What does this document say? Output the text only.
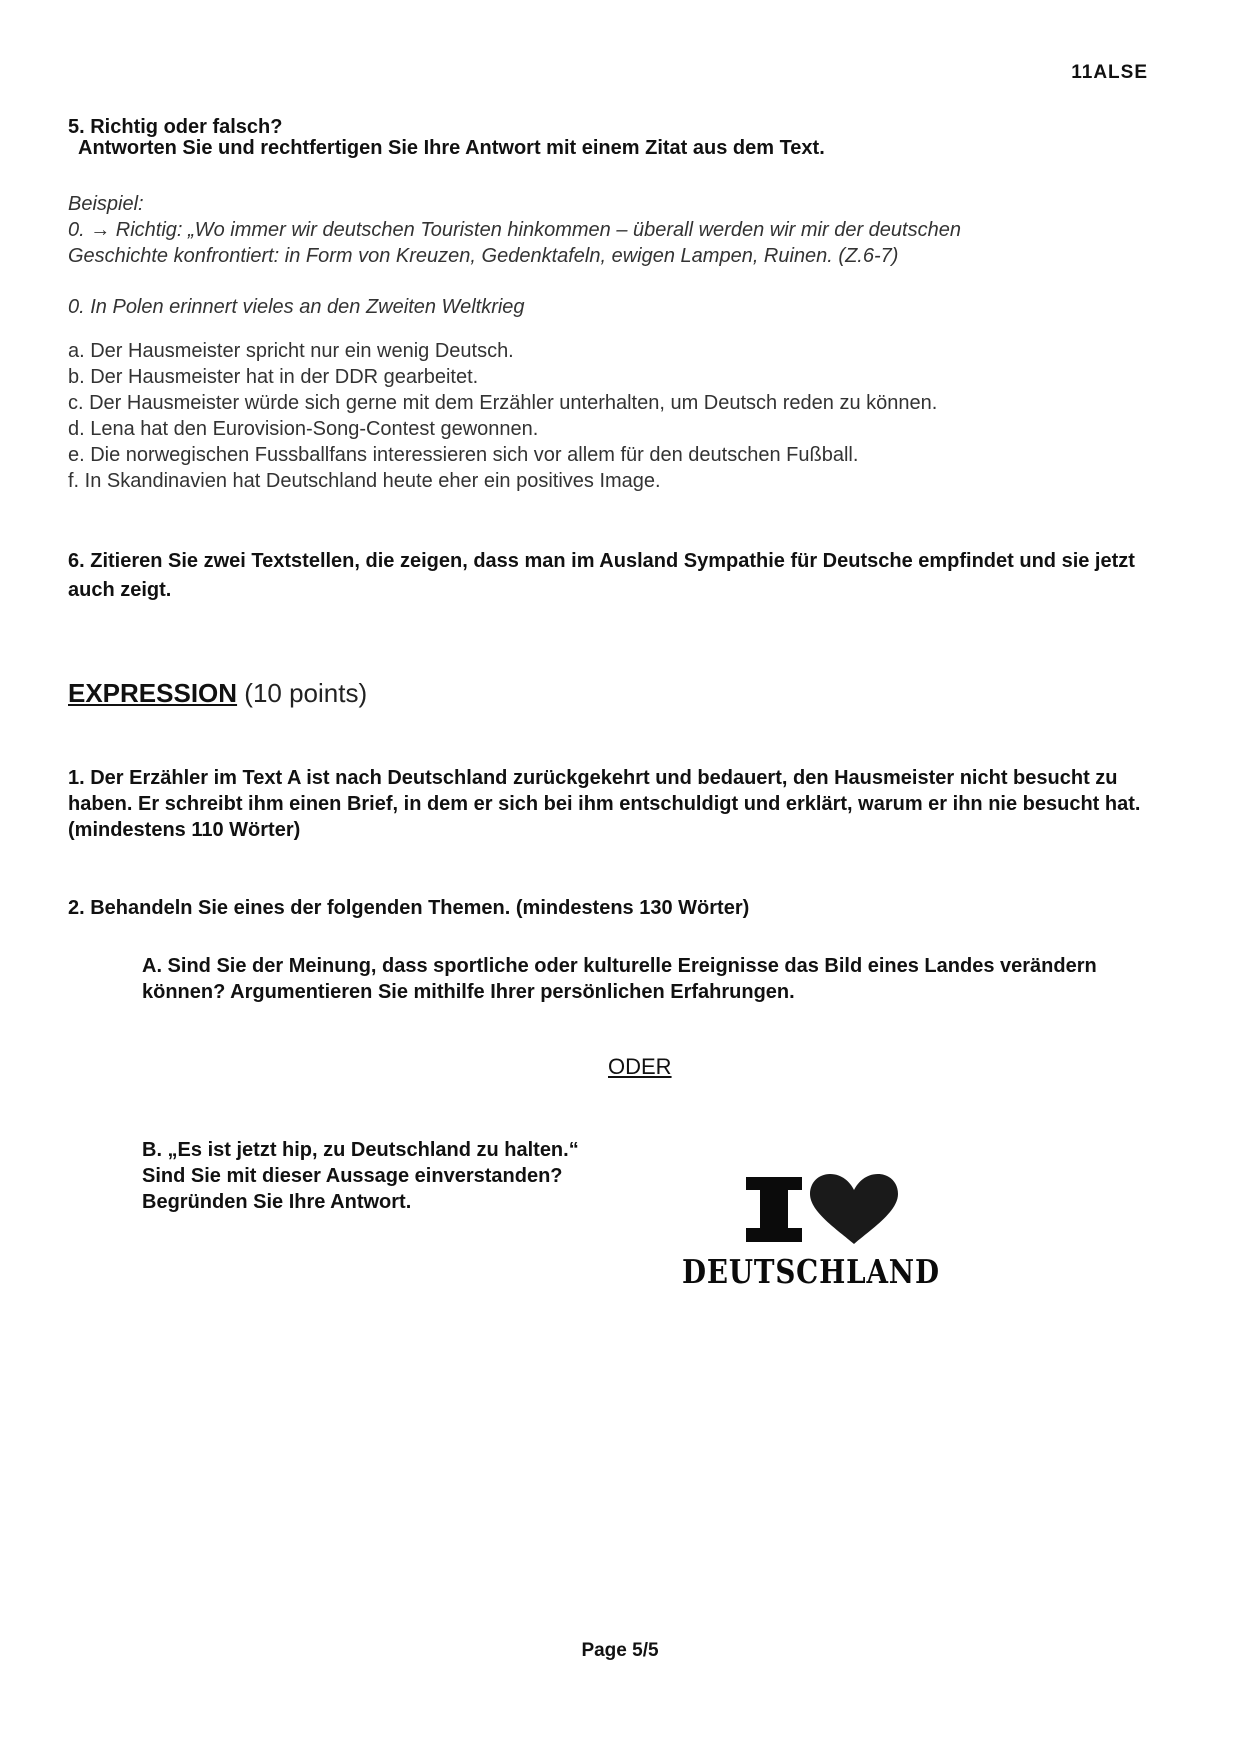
11ALSE
5. Richtig oder falsch?
Antworten Sie und rechtfertigen Sie Ihre Antwort mit einem Zitat aus dem Text.
Beispiel:
0. → Richtig: „Wo immer wir deutschen Touristen hinkommen – überall werden wir mir der deutschen
Geschichte konfrontiert: in Form von Kreuzen, Gedenktafeln, ewigen Lampen, Ruinen. (Z.6-7)
0. In Polen erinnert vieles an den Zweiten Weltkrieg
a. Der Hausmeister spricht nur ein wenig Deutsch.
b. Der Hausmeister hat in der DDR gearbeitet.
c. Der Hausmeister würde sich gerne mit dem Erzähler unterhalten, um Deutsch reden zu können.
d. Lena hat den Eurovision-Song-Contest gewonnen.
e. Die norwegischen Fussballfans interessieren sich vor allem für den deutschen Fußball.
f. In Skandinavien hat Deutschland heute eher ein positives Image.
6. Zitieren Sie zwei Textstellen, die zeigen, dass man im Ausland Sympathie für Deutsche empfindet und sie jetzt auch zeigt.
EXPRESSION (10 points)
1. Der Erzähler im Text A ist nach Deutschland zurückgekehrt und bedauert, den Hausmeister nicht besucht zu haben. Er schreibt ihm einen Brief, in dem er sich bei ihm entschuldigt und erklärt, warum er ihn nie besucht hat. (mindestens 110 Wörter)
2. Behandeln Sie eines der folgenden Themen. (mindestens 130 Wörter)
A. Sind Sie der Meinung, dass sportliche oder kulturelle Ereignisse das Bild eines Landes verändern können? Argumentieren Sie mithilfe Ihrer persönlichen Erfahrungen.
ODER
B. „Es ist jetzt hip, zu Deutschland zu halten.“
Sind Sie mit dieser Aussage einverstanden?
Begründen Sie Ihre Antwort.
DEUTSCHLAND
Page 5/5
